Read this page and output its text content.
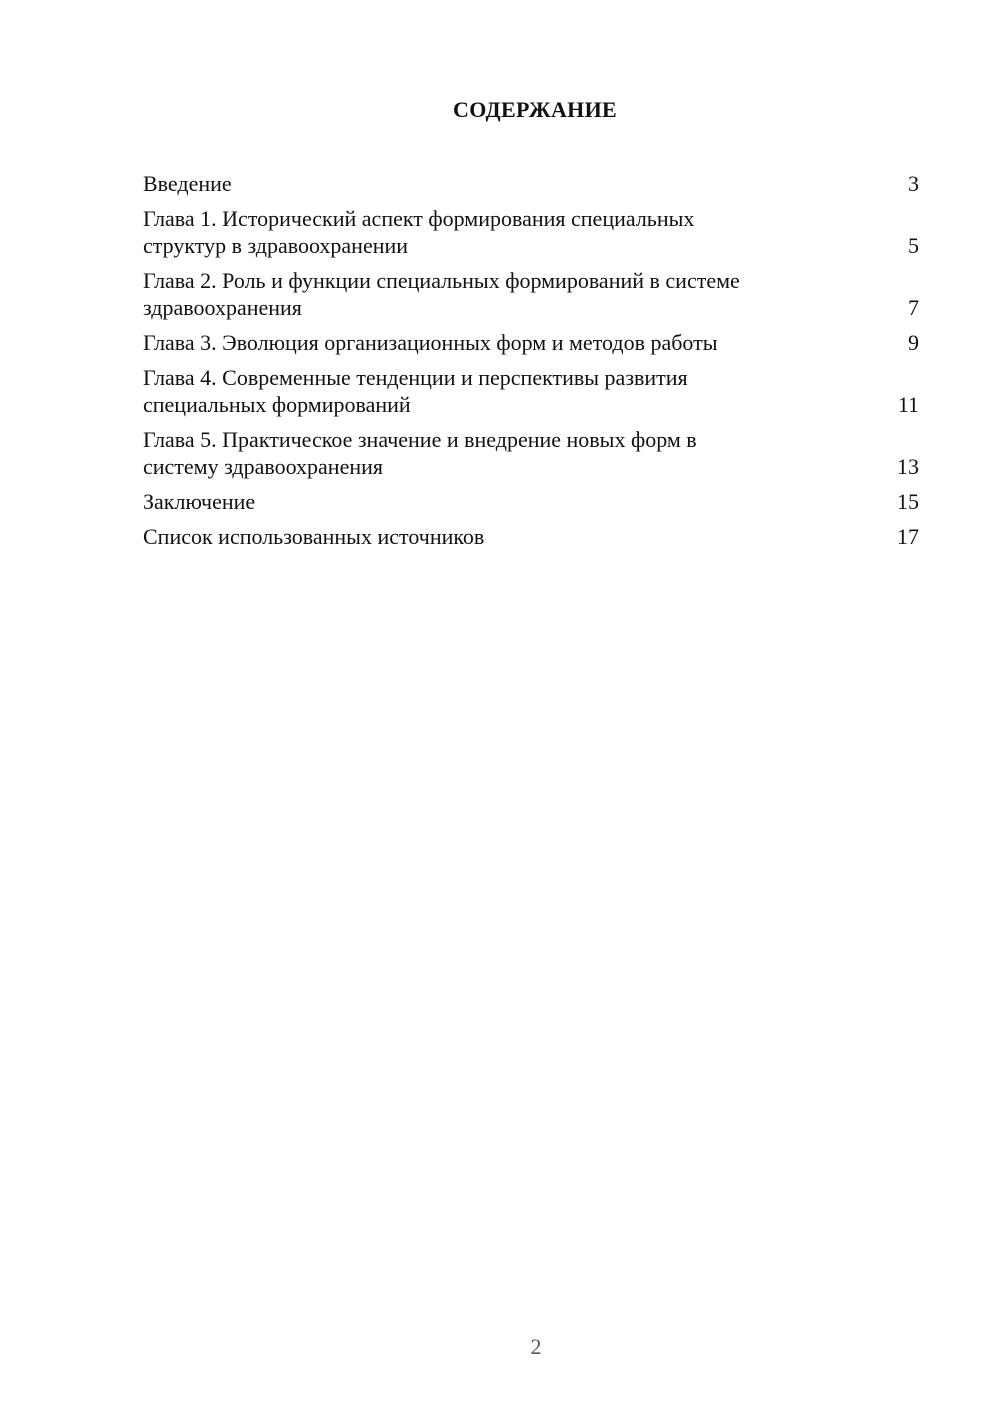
СОДЕРЖАНИЕ
Введение	3
Глава 1. Исторический аспект формирования специальных
структур в здравоохранении	5
Глава 2. Роль и функции специальных формирований в системе
здравоохранения	7
Глава 3. Эволюция организационных форм и методов работы	9
Глава 4. Современные тенденции и перспективы развития
специальных формирований	11
Глава 5. Практическое значение и внедрение новых форм в
систему здравоохранения	13
Заключение	15
Список использованных источников	17
2
